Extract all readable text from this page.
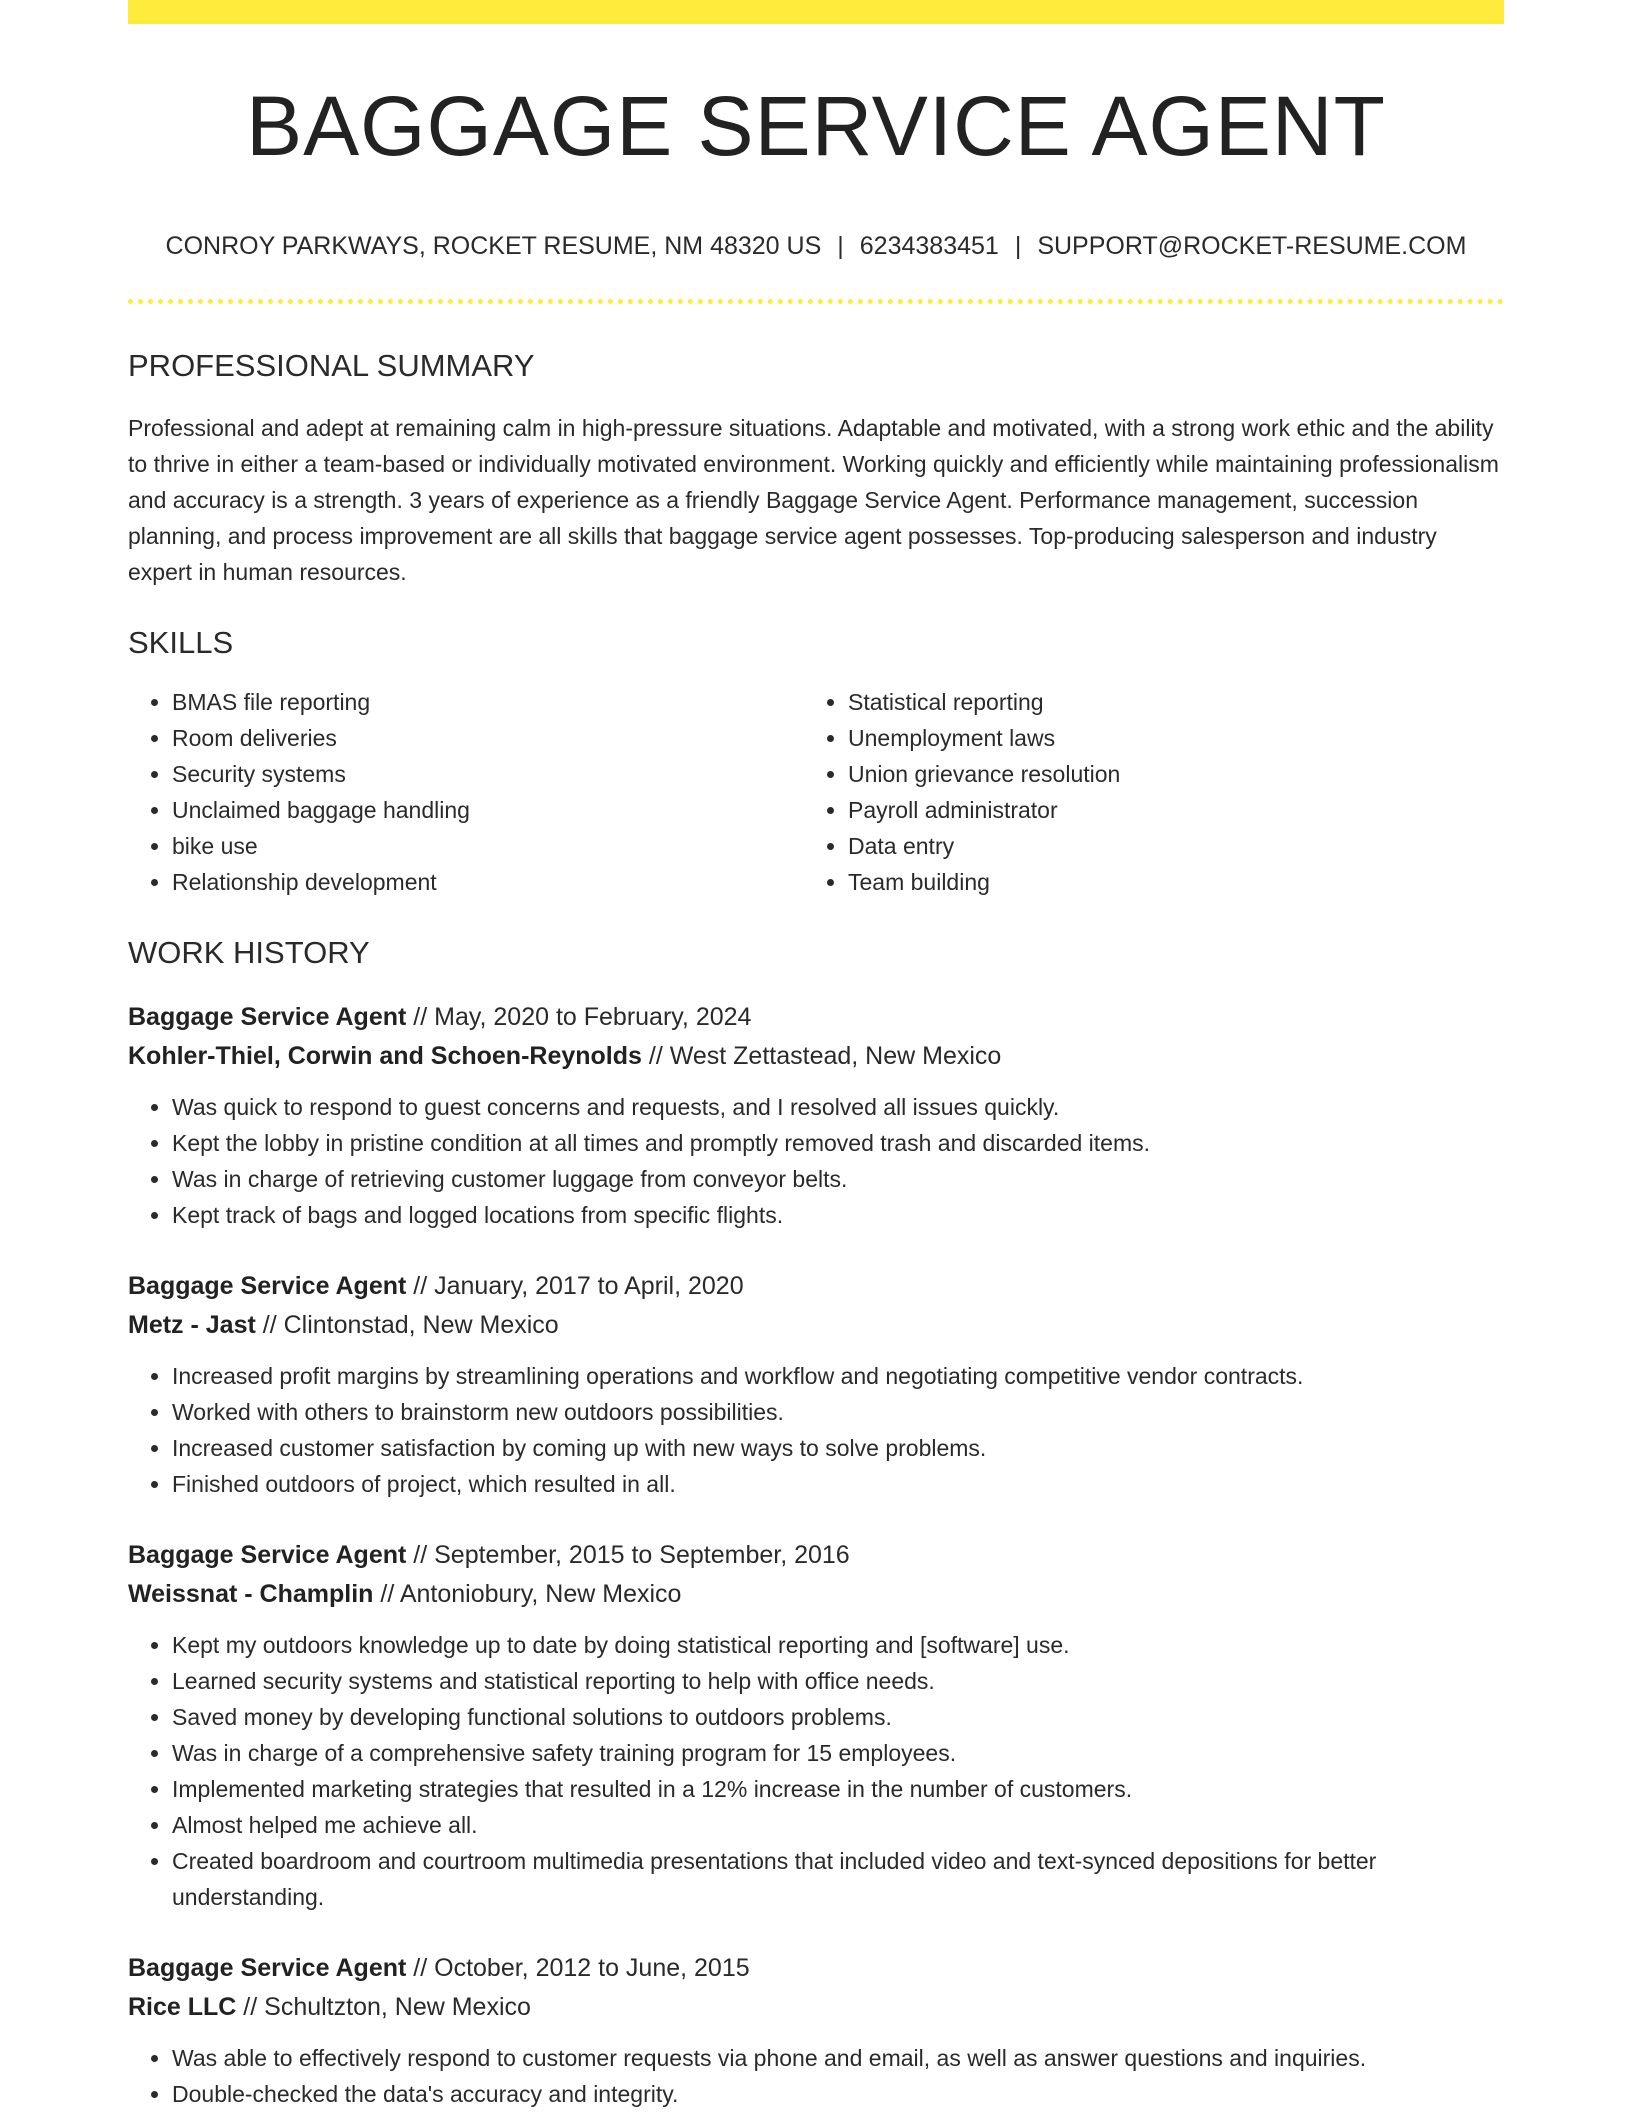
BAGGAGE SERVICE AGENT
CONROY PARKWAYS, ROCKET RESUME, NM 48320 US | 6234383451 | SUPPORT@ROCKET-RESUME.COM
PROFESSIONAL SUMMARY

Professional and adept at remaining calm in high-pressure situations. Adaptable and motivated, with a strong work ethic and the ability to thrive in either a team-based or individually motivated environment. Working quickly and efficiently while maintaining professionalism and accuracy is a strength. 3 years of experience as a friendly Baggage Service Agent. Performance management, succession planning, and process improvement are all skills that baggage service agent possesses. Top-producing salesperson and industry expert in human resources.

SKILLS
• BMAS file reporting
• Room deliveries
• Security systems
• Unclaimed baggage handling
• bike use
• Relationship development
• Statistical reporting
• Unemployment laws
• Union grievance resolution
• Payroll administrator
• Data entry
• Team building
WORK HISTORY
Baggage Service Agent // May, 2020 to February, 2024
Kohler-Thiel, Corwin and Schoen-Reynolds // West Zettastead, New Mexico
• Was quick to respond to guest concerns and requests, and I resolved all issues quickly.
• Kept the lobby in pristine condition at all times and promptly removed trash and discarded items.
• Was in charge of retrieving customer luggage from conveyor belts.
• Kept track of bags and logged locations from specific flights.
Baggage Service Agent // January, 2017 to April, 2020
Metz - Jast // Clintonstad, New Mexico
• Increased profit margins by streamlining operations and workflow and negotiating competitive vendor contracts.
• Worked with others to brainstorm new outdoors possibilities.
• Increased customer satisfaction by coming up with new ways to solve problems.
• Finished outdoors of project, which resulted in all.
Baggage Service Agent // September, 2015 to September, 2016
Weissnat - Champlin // Antoniobury, New Mexico
• Kept my outdoors knowledge up to date by doing statistical reporting and [software] use.
• Learned security systems and statistical reporting to help with office needs.
• Saved money by developing functional solutions to outdoors problems.
• Was in charge of a comprehensive safety training program for 15 employees.
• Implemented marketing strategies that resulted in a 12% increase in the number of customers.
• Almost helped me achieve all.
• Created boardroom and courtroom multimedia presentations that included video and text-synced depositions for better understanding.
Baggage Service Agent // October, 2012 to June, 2015
Rice LLC // Schultzton, New Mexico
• Was able to effectively respond to customer requests via phone and email, as well as answer questions and inquiries.
• Double-checked the data's accuracy and integrity.
